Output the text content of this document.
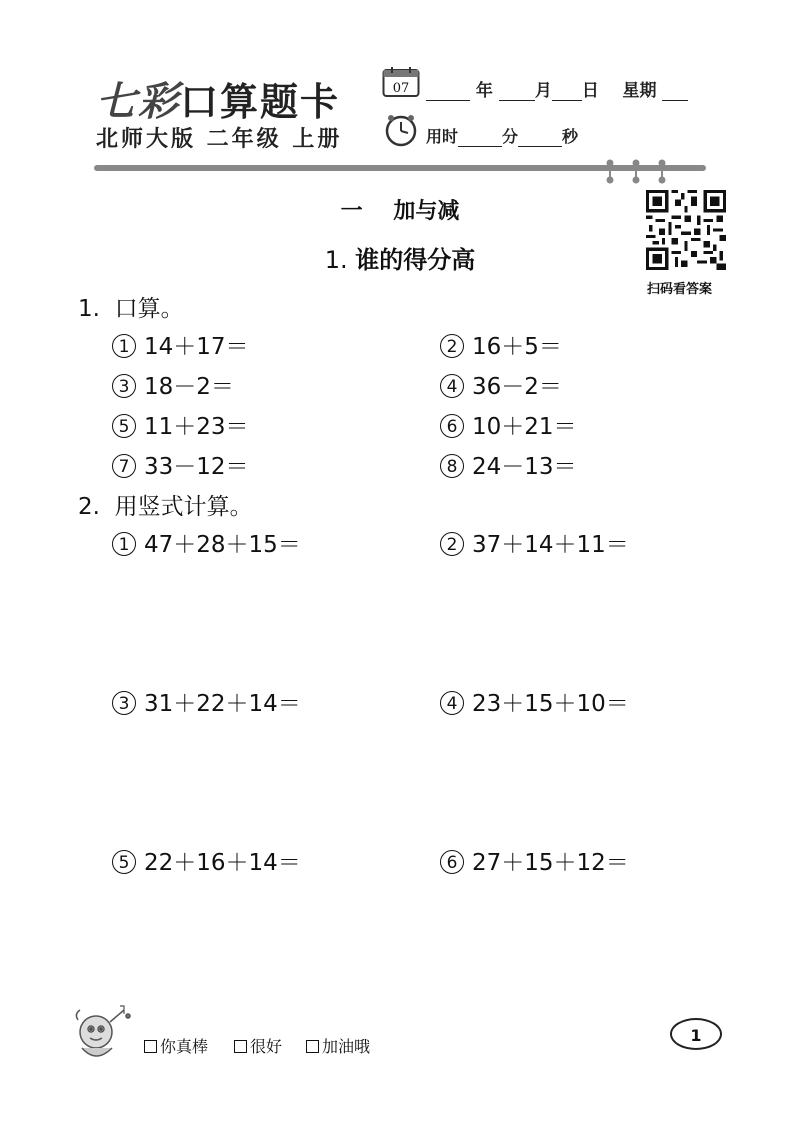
七彩口算题卡
北师大版 二年级 上册
07	年 月 日 星期
用时	分	秒
扫码看答案
一 加与减
1. 谁的得分高
1. 口算。
1 14＋17＝	2 16＋5＝
3 18－2＝	4 36－2＝
5 11＋23＝	6 10＋21＝
7 33－12＝	8 24－13＝
2. 用竖式计算。
1 47＋28＋15＝	2 37＋14＋11＝
3 31＋22＋14＝	4 23＋15＋10＝
5 22＋16＋14＝	6 27＋15＋12＝
你真棒	很好	加油哦
1
